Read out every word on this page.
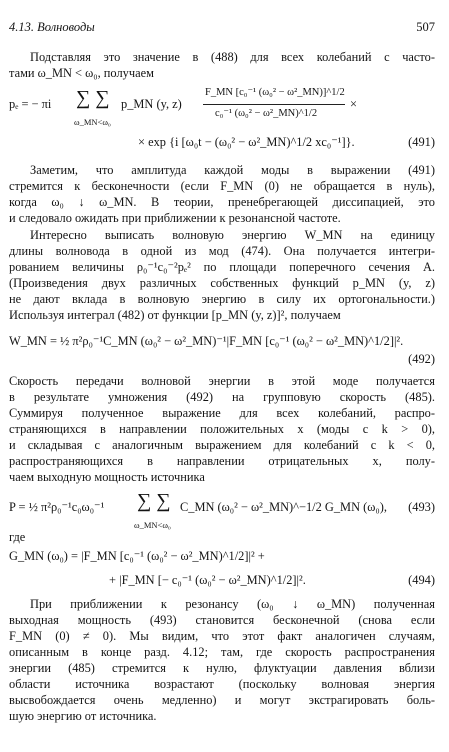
4.13. Волноводы	507
Подставляя это значение в (488) для всех колебаний с часто-
тами ω_MN < ω₀, получаем
pₑ = − πi ∑ ∑
ω_MN<ω₀
p_MN (y, z)
F_MN [c₀⁻¹ (ω₀² − ω²_MN)]^1/2
c₀⁻¹ (ω₀² − ω²_MN)^1/2
×
× exp {i [ω₀t − (ω₀² − ω²_MN)^1/2 xc₀⁻¹]}.	(491)
Заметим, что амплитуда каждой моды в выражении (491)
стремится к бесконечности (если F_MN (0) не обращается в нуль),
когда ω₀ ↓ ω_MN. В теории, пренебрегающей диссипацией, это
и следовало ожидать при приближении к резонансной частоте.
Интересно выписать волновую энергию W_MN на единицу
длины волновода в одной из мод (474). Она получается интегри-
рованием величины ρ₀⁻¹c₀⁻²pₑ² по площади поперечного сечения A.
(Произведения двух различных собственных функций p_MN (y, z)
не дают вклада в волновую энергию в силу их ортогональности.)
Используя интеграл (482) от функции [p_MN (y, z)]², получаем
W_MN = ½ π²ρ₀⁻¹C_MN (ω₀² − ω²_MN)⁻¹|F_MN [c₀⁻¹ (ω₀² − ω²_MN)^1/2]|².
(492)
Скорость передачи волновой энергии в этой моде получается
в результате умножения (492) на групповую скорость (485).
Суммируя полученное выражение для всех колебаний, распро-
страняющихся в направлении положительных x (моды с k > 0),
и складывая с аналогичным выражением для колебаний с k < 0,
распространяющихся в направлении отрицательных x, полу-
чаем выходную мощность источника
P = ½ π²ρ₀⁻¹c₀ω₀⁻¹ ∑ ∑
ω_MN<ω₀
C_MN (ω₀² − ω²_MN)^−1/2 G_MN (ω₀), (493)
где
G_MN (ω₀) = |F_MN [c₀⁻¹ (ω₀² − ω²_MN)^1/2]|² +
+ |F_MN [− c₀⁻¹ (ω₀² − ω²_MN)^1/2]|².	(494)
При приближении к резонансу (ω₀ ↓ ω_MN) полученная
выходная мощность (493) становится бесконечной (снова если
F_MN (0) ≠ 0). Мы видим, что этот факт аналогичен случаям,
описанным в конце разд. 4.12; там, где скорость распространения
энергии (485) стремится к нулю, флуктуации давления вблизи
области источника возрастают (поскольку волновая энергия
высвобождается очень медленно) и могут экстрагировать боль-
шую энергию от источника.
